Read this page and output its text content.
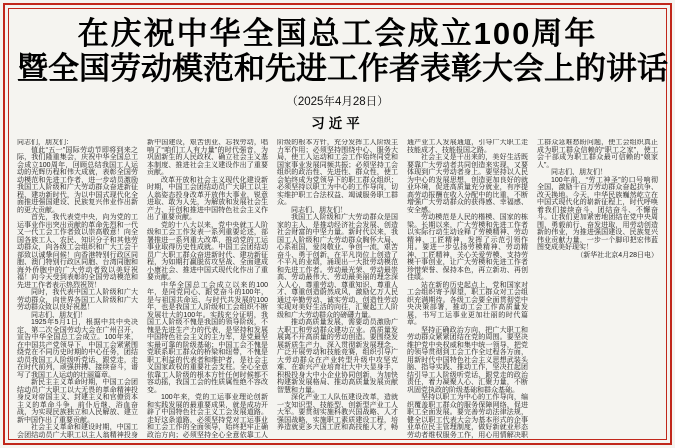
在庆祝中华全国总工会成立100周年
暨全国劳动模范和先进工作者表彰大会上的讲话
（2025年4月28日）
习近平

同志们，朋友们：

值此“五一”国际劳动节即将到来之际，我们隆重集会，庆祝中华全国总工会成立100周年，回顾总结我国工人运动的光辉历程和伟大成就，表彰全国劳动模范和先进工作者，进一步动员激励我国工人阶级和广大劳动群众奋进新征程、建功新时代，为以中国式现代化全面推进强国建设、民族复兴伟业作出新的更大贡献。

首先，我代表党中央，向为党的工运事业作出突出贡献的革命先烈和一代又一代工会工作者致以崇高敬意！向全国各族工人、农民、知识分子和其他劳动群众，向各级工会组织和广大工会干部致以诚挚问候！向香港特别行政区同胞、澳门特别行政区同胞、台湾同胞和海外侨胞中的广大劳动者致以美好祝福！向今天受到表彰的全国劳动模范和先进工作者表示热烈祝贺！

同时，我代表中国工人阶级和广大劳动群众，向世界各国工人阶级和广大劳动群众致以良好祝愿！

同志们、朋友们！

1925年5月1日，根据中共中央决定，第二次全国劳动大会在广州召开，宣告中华全国总工会成立。100年来，在中国共产党领导下，中国工会紧紧围绕党在不同历史时期的中心任务，团结动员我国工人阶级听党话、跟党走，走在时代前列，顽强拼搏、接续奋斗，谱写了我国工人运动的壮丽篇章。

新民主主义革命时期，中国工会团结动员广大职工以大无畏的革命精神投身反对帝国主义、封建主义和官僚资本主义的革命斗争，前仆后继、浴血奋战，为实现民族独立和人民解放、建立新中国作出了重要贡献。

社会主义革命和建设时期，中国工会团结动员广大职工以主人翁精神投身新中国建设，艰苦创业、忘我劳动，唱响了“咱们工人有力量”的时代强音，为巩固新生的人民政权、确立社会主义基本制度、推进社会主义建设作出了重要贡献。

改革开放和社会主义现代化建设新时期，中国工会团结动员广大职工以主人翁姿态投身改革开放伟大事业，锐意进取、敢为人先，为解放和发展社会生产力、开创和推进中国特色社会主义作出了重要贡献。

党的十八大以来，党中央就工人阶级和工会工作发表一系列重要论述，部署推进一系列重大改革，推动党的工运事业取得历史性成就。中国工会团结动员广大职工群众奋进新时代、建功新征程，为如期打赢脱贫攻坚战、全面建成小康社会、推进中国式现代化作出了重要贡献。

中华全国总工会成立以来的100年，是同党同心、跟党奋斗的100年，是与祖国共命运、与时代共发展的100年，也是我国工人阶级和工会组织不断发展壮大的100年。实践充分证明，我国工人阶级不愧是我国的领导阶级，不愧是先进生产力的代表，是坚持和发展中国特色社会主义的主力军，是党最坚实最可靠的阶级基础；中国工会不愧是党联系职工群众的桥梁和纽带，不愧是职工利益的代表者和维护者，是社会主义国家政权的重要社会支柱。全心全意依靠工人阶级的根本方针任何时候都不容动摇，我国工会的性质属性绝不容改变。

100年来，党的工运事业理论创新和实践发展的最重要成果，就是成功开辟了中国特色社会主义工会发展道路。走好这条道路，必须坚持党对工运事业和工会工作的全面领导，始终把牢正确政治方向；必须坚持全心全意依靠工人阶级的根本方针，充分发挥工人阶级主力军作用；必须坚持围绕中心、服务大局，使工人运动和工会工作始终同党和国家事业发展同频共振；必须坚持工会组织的政治性、先进性、群众性，使工会始终成为党领导下的职工群众组织；必须坚持以职工为中心的工作导向，切实维护职工合法权益、竭诚服务职工群众。

同志们、朋友们！

我国工人阶级和广大劳动群众是国家的主人，是推动经济社会发展、创造社会财富的中坚力量。新时代以来，我国工人阶级和广大劳动群众胸怀大局、心系祖国，爱岗敬业、争创一流，艰苦奋斗、勇于创新，在平凡岗位上创造了不平凡的业绩，涌现出一大批劳动模范和先进工作者。劳动最光荣、劳动最崇高、劳动最伟大、劳动最美丽的理念深入人心，尊重劳动、尊重知识、尊重人才、尊重创造蔚然成风，激励亿万人民通过辛勤劳动、诚实劳动、创造性劳动实现对美好生活的向往，汇聚起工人阶级和广大劳动群众的磅礴力量。

推动高质量发展，需要动员激励广大职工和劳动群众建功立业。高质量发展离不开高质量的劳动创造。要围绕发展新质生产力，深入贯彻新发展理念，广泛开展劳动和技能竞赛，组织引导广大劳动群众在产业转型升级中攻坚克难、在新兴产业培育壮大中大显身手，积极投身大中小企业协同创新，为加快构建新发展格局、推动高质量发展贡献智慧和力量。

深化产业工人队伍建设改革，造就一支知识型、技能型、创新型产业工人大军。要贯彻实施科教兴国战略、人才强国战略，实施职工素质建设工程，培养造就更多大国工匠和高技能人才，畅通产业工人发展通道，引导广大职工走技能成才、技能报国之路。

社会主义是干出来的，美好生活既要靠广大劳动者共同创造来实现，又要体现到广大劳动者身上。要坚持以人民为中心的发展思想，创造更加良好的就业环境，促进高质量充分就业，有序提高劳动报酬在收入分配中的比重，不断增强广大劳动群众的获得感、幸福感、安全感。

劳动模范是人民的楷模、国家的栋梁。长期以来，广大劳模和先进工作者以实际行动生动诠释了劳模精神、劳动精神、工匠精神，发挥了示范引领作用。要进一步弘扬劳模精神、劳动精神、工匠精神，关心关爱劳模、支持劳模干事创业，让广大劳模和先进工作者珍惜荣誉、保持本色，再立新功、再创佳绩。

站在新的历史起点上，党和国家对工会组织寄予厚望，职工群众对工会组织充满期待。各级工会要全面贯彻党中央决策部署，推动工会工作高质量发展，书写工运事业更加壮丽的时代篇章。

坚持正确政治方向，把广大职工和劳动群众紧紧团结在党的周围。要坚决维护党中央权威和集中统一领导，把党的领导贯彻到工会工作全过程各方面，用新时代中国特色社会主义思想武装头脑、指导实践、推动工作，坚决扛起团结引导工人阶级听党话、跟党走的政治责任，着力凝聚人心、汇聚力量，不断巩固党执政的阶级基础和群众基础。

坚持以职工为中心的工作导向，编织覆盖职工群众的服务保障网络，促进职工全面发展。要完善劳动法律法规，健全以职工代表大会为基本形式的企事业单位民主管理制度，做好新就业形态劳动者维权服务工作，用心用情解决职工群众急难愁盼问题，使工会组织真正成为职工群众信赖的“职工之家”，使工会干部成为职工群众最可信赖的“娘家人”。

同志们、朋友们！

100年前，“劳工神圣”的口号响彻全国，激励千百万劳动群众奋起抗争、改天换地。今天，中华民族巍然屹立在中国式现代化的崭新征程上，时代呼唤着我们接续奋斗、团结奋斗、不懈奋斗。让我们更加紧密地团结在党中央周围，勇毅前行、奋发进取，用劳动创造新的伟业，为推进强国建设、民族复兴伟业贡献力量，一步一个脚印把宏伟蓝图变成美好现实！

（新华社北京4月28日电）
